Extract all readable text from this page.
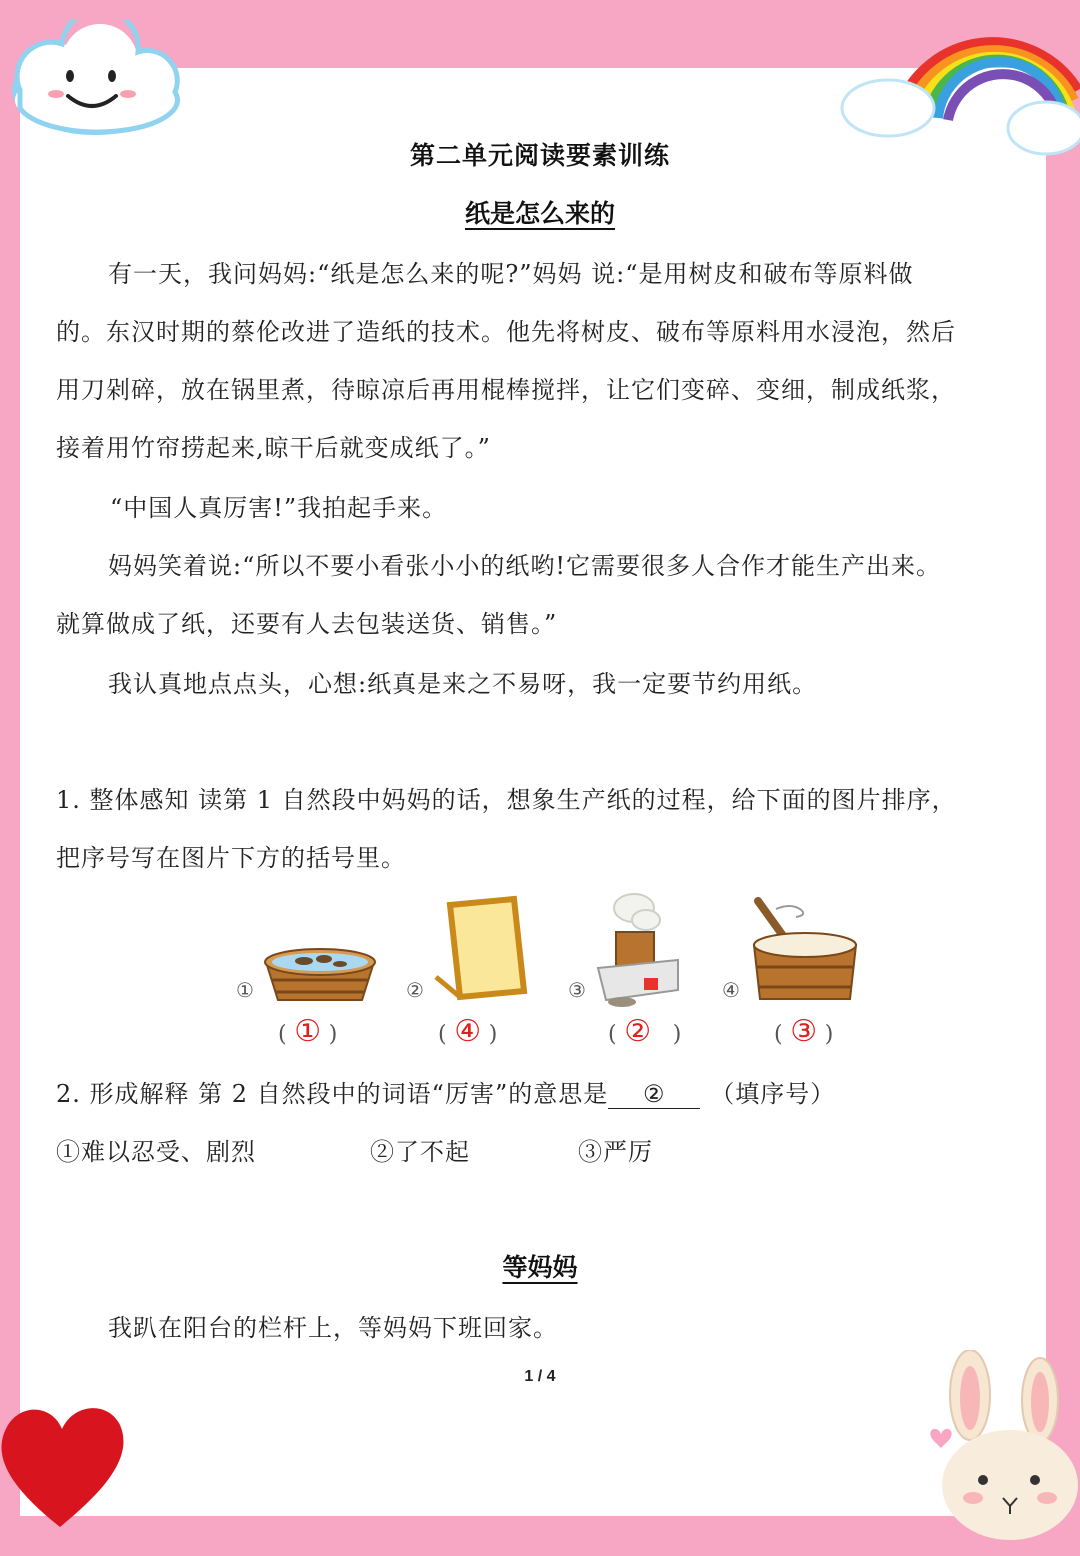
第二单元阅读要素训练
纸是怎么来的
有一天，我问妈妈:“纸是怎么来的呢?”妈妈 说:“是用树皮和破布等原料做
的。东汉时期的蔡伦改进了造纸的技术。他先将树皮、破布等原料用水浸泡，然后
用刀剁碎，放在锅里煮，待晾凉后再用棍棒搅拌，让它们变碎、变细，制成纸浆，
接着用竹帘捞起来,晾干后就变成纸了。”
“中国人真厉害!”我拍起手来。
妈妈笑着说:“所以不要小看张小小的纸哟!它需要很多人合作才能生产出来。
就算做成了纸，还要有人去包装送货、销售。”
我认真地点点头，心想:纸真是来之不易呀，我一定要节约用纸。
1. 整体感知 读第 1 自然段中妈妈的话，想象生产纸的过程，给下面的图片排序，
把序号写在图片下方的括号里。
①	②	③	④
( ① )	( ④ )	( ② )	( ③ )
2. 形成解释 第 2 自然段中的词语“厉害”的意思是 ② （填序号）
①难以忍受、剧烈	②了不起	③严厉
等妈妈
我趴在阳台的栏杆上，等妈妈下班回家。
1 / 4
